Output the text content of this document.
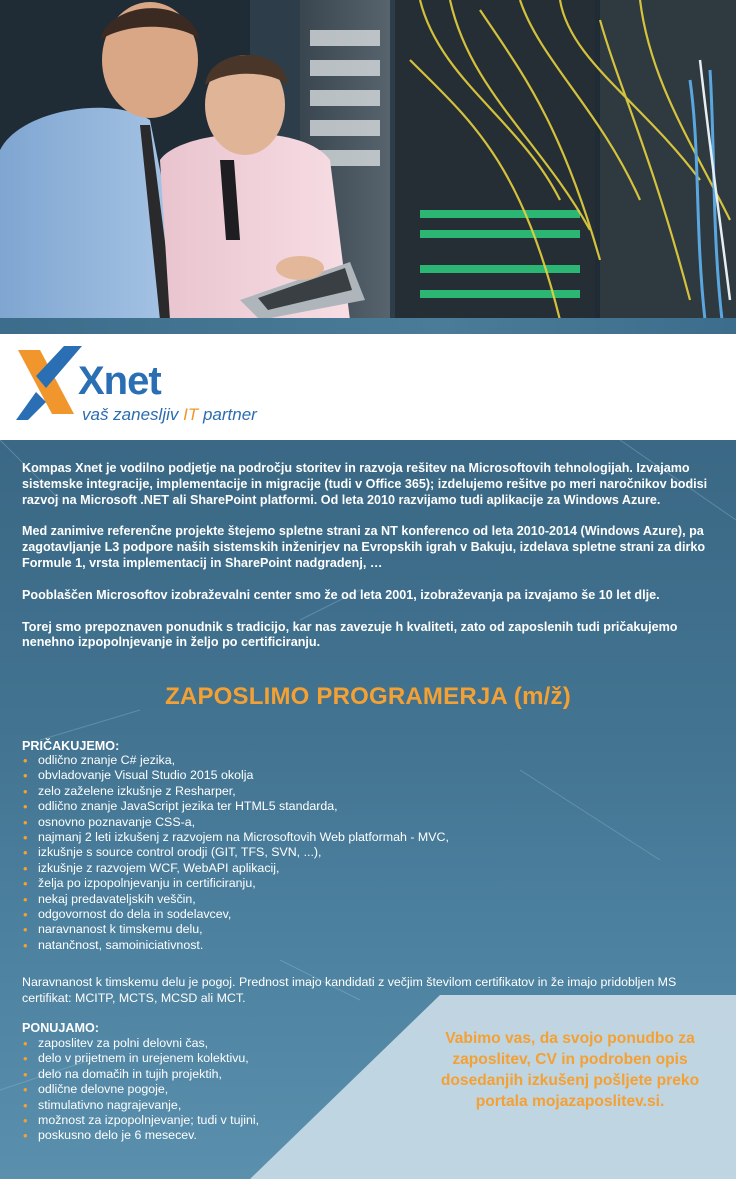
Xnet
vaš zanesljiv IT partner

Kompas Xnet je vodilno podjetje na področju storitev in razvoja rešitev na Microsoftovih tehnologijah. Izvajamo sistemske integracije, implementacije in migracije (tudi v Office 365); izdelujemo rešitve po meri naročnikov bodisi razvoj na Microsoft .NET ali SharePoint platformi. Od leta 2010 razvijamo tudi aplikacije za Windows Azure.

Med zanimive referenčne projekte štejemo spletne strani za NT konferenco od leta 2010-2014 (Windows Azure), pa zagotavljanje L3 podpore naših sistemskih inženirjev na Evropskih igrah v Bakuju, izdelava spletne strani za dirko Formule 1, vrsta implementacij in SharePoint nadgradenj, …

Pooblaščen Microsoftov izobraževalni center smo že od leta 2001, izobraževanja pa izvajamo še 10 let dlje.

Torej smo prepoznaven ponudnik s tradicijo, kar nas zavezuje h kvaliteti, zato od zaposlenih tudi pričakujemo nenehno izpopolnjevanje in željo po certificiranju.

ZAPOSLIMO PROGRAMERJA (m/ž)
PRIČAKUJEMO:
• odlično znanje C# jezika,
• obvladovanje Visual Studio 2015 okolja
• zelo zaželene izkušnje z Resharper,
• odlično znanje JavaScript jezika ter HTML5 standarda,
• osnovno poznavanje CSS-a,
• najmanj 2 leti izkušenj z razvojem na Microsoftovih Web platformah - MVC,
• izkušnje s source control orodji (GIT, TFS, SVN, ...),
• izkušnje z razvojem WCF, WebAPI aplikacij,
• želja po izpopolnjevanju in certificiranju,
• nekaj predavateljskih veščin,
• odgovornost do dela in sodelavcev,
• naravnanost k timskemu delu,
• natančnost, samoiniciativnost.
Naravnanost k timskemu delu je pogoj. Prednost imajo kandidati z večjim številom certifikatov in že imajo pridobljen MS certifikat: MCITP, MCTS, MCSD ali MCT.
PONUJAMO:
• zaposlitev za polni delovni čas,
• delo v prijetnem in urejenem kolektivu,
• delo na domačih in tujih projektih,
• odlične delovne pogoje,
• stimulativno nagrajevanje,
• možnost za izpopolnjevanje; tudi v tujini,
• poskusno delo je 6 mesecev.
Vabimo vas, da svojo ponudbo za zaposlitev, CV in podroben opis dosedanjih izkušenj pošljete preko portala mojazaposlitev.si.
